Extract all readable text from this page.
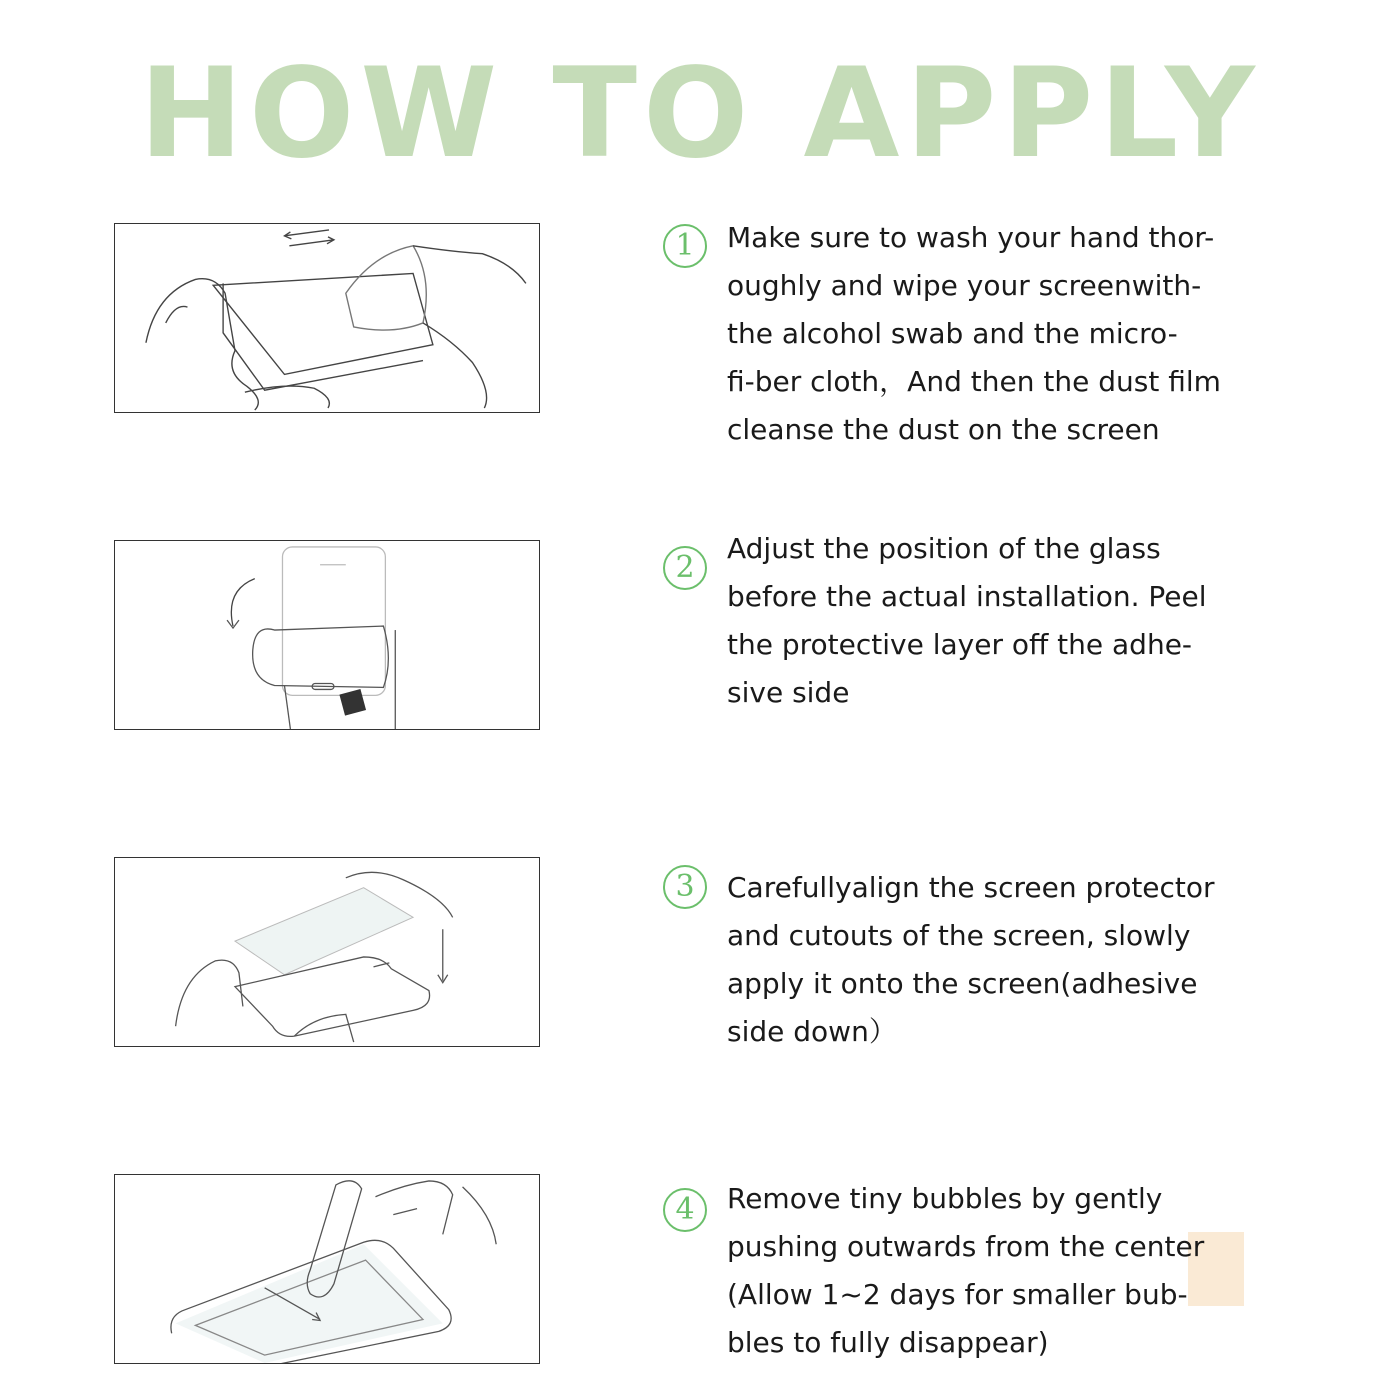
HOW TO APPLY
1	Make sure to wash your hand thor-
oughly and wipe your screenwith-
the alcohol swab and the micro-
fi-ber cloth，And then the dust film
cleanse the dust on the screen
2
Adjust the position of the glass
before the actual installation. Peel
the protective layer off the adhe-
sive side
3	Carefullyalign the screen protector
and cutouts of the screen, slowly
apply it onto the screen(adhesive
side down）
4	Remove tiny bubbles by gently
pushing outwards from the center
(Allow 1~2 days for smaller bub-
bles to fully disappear)
